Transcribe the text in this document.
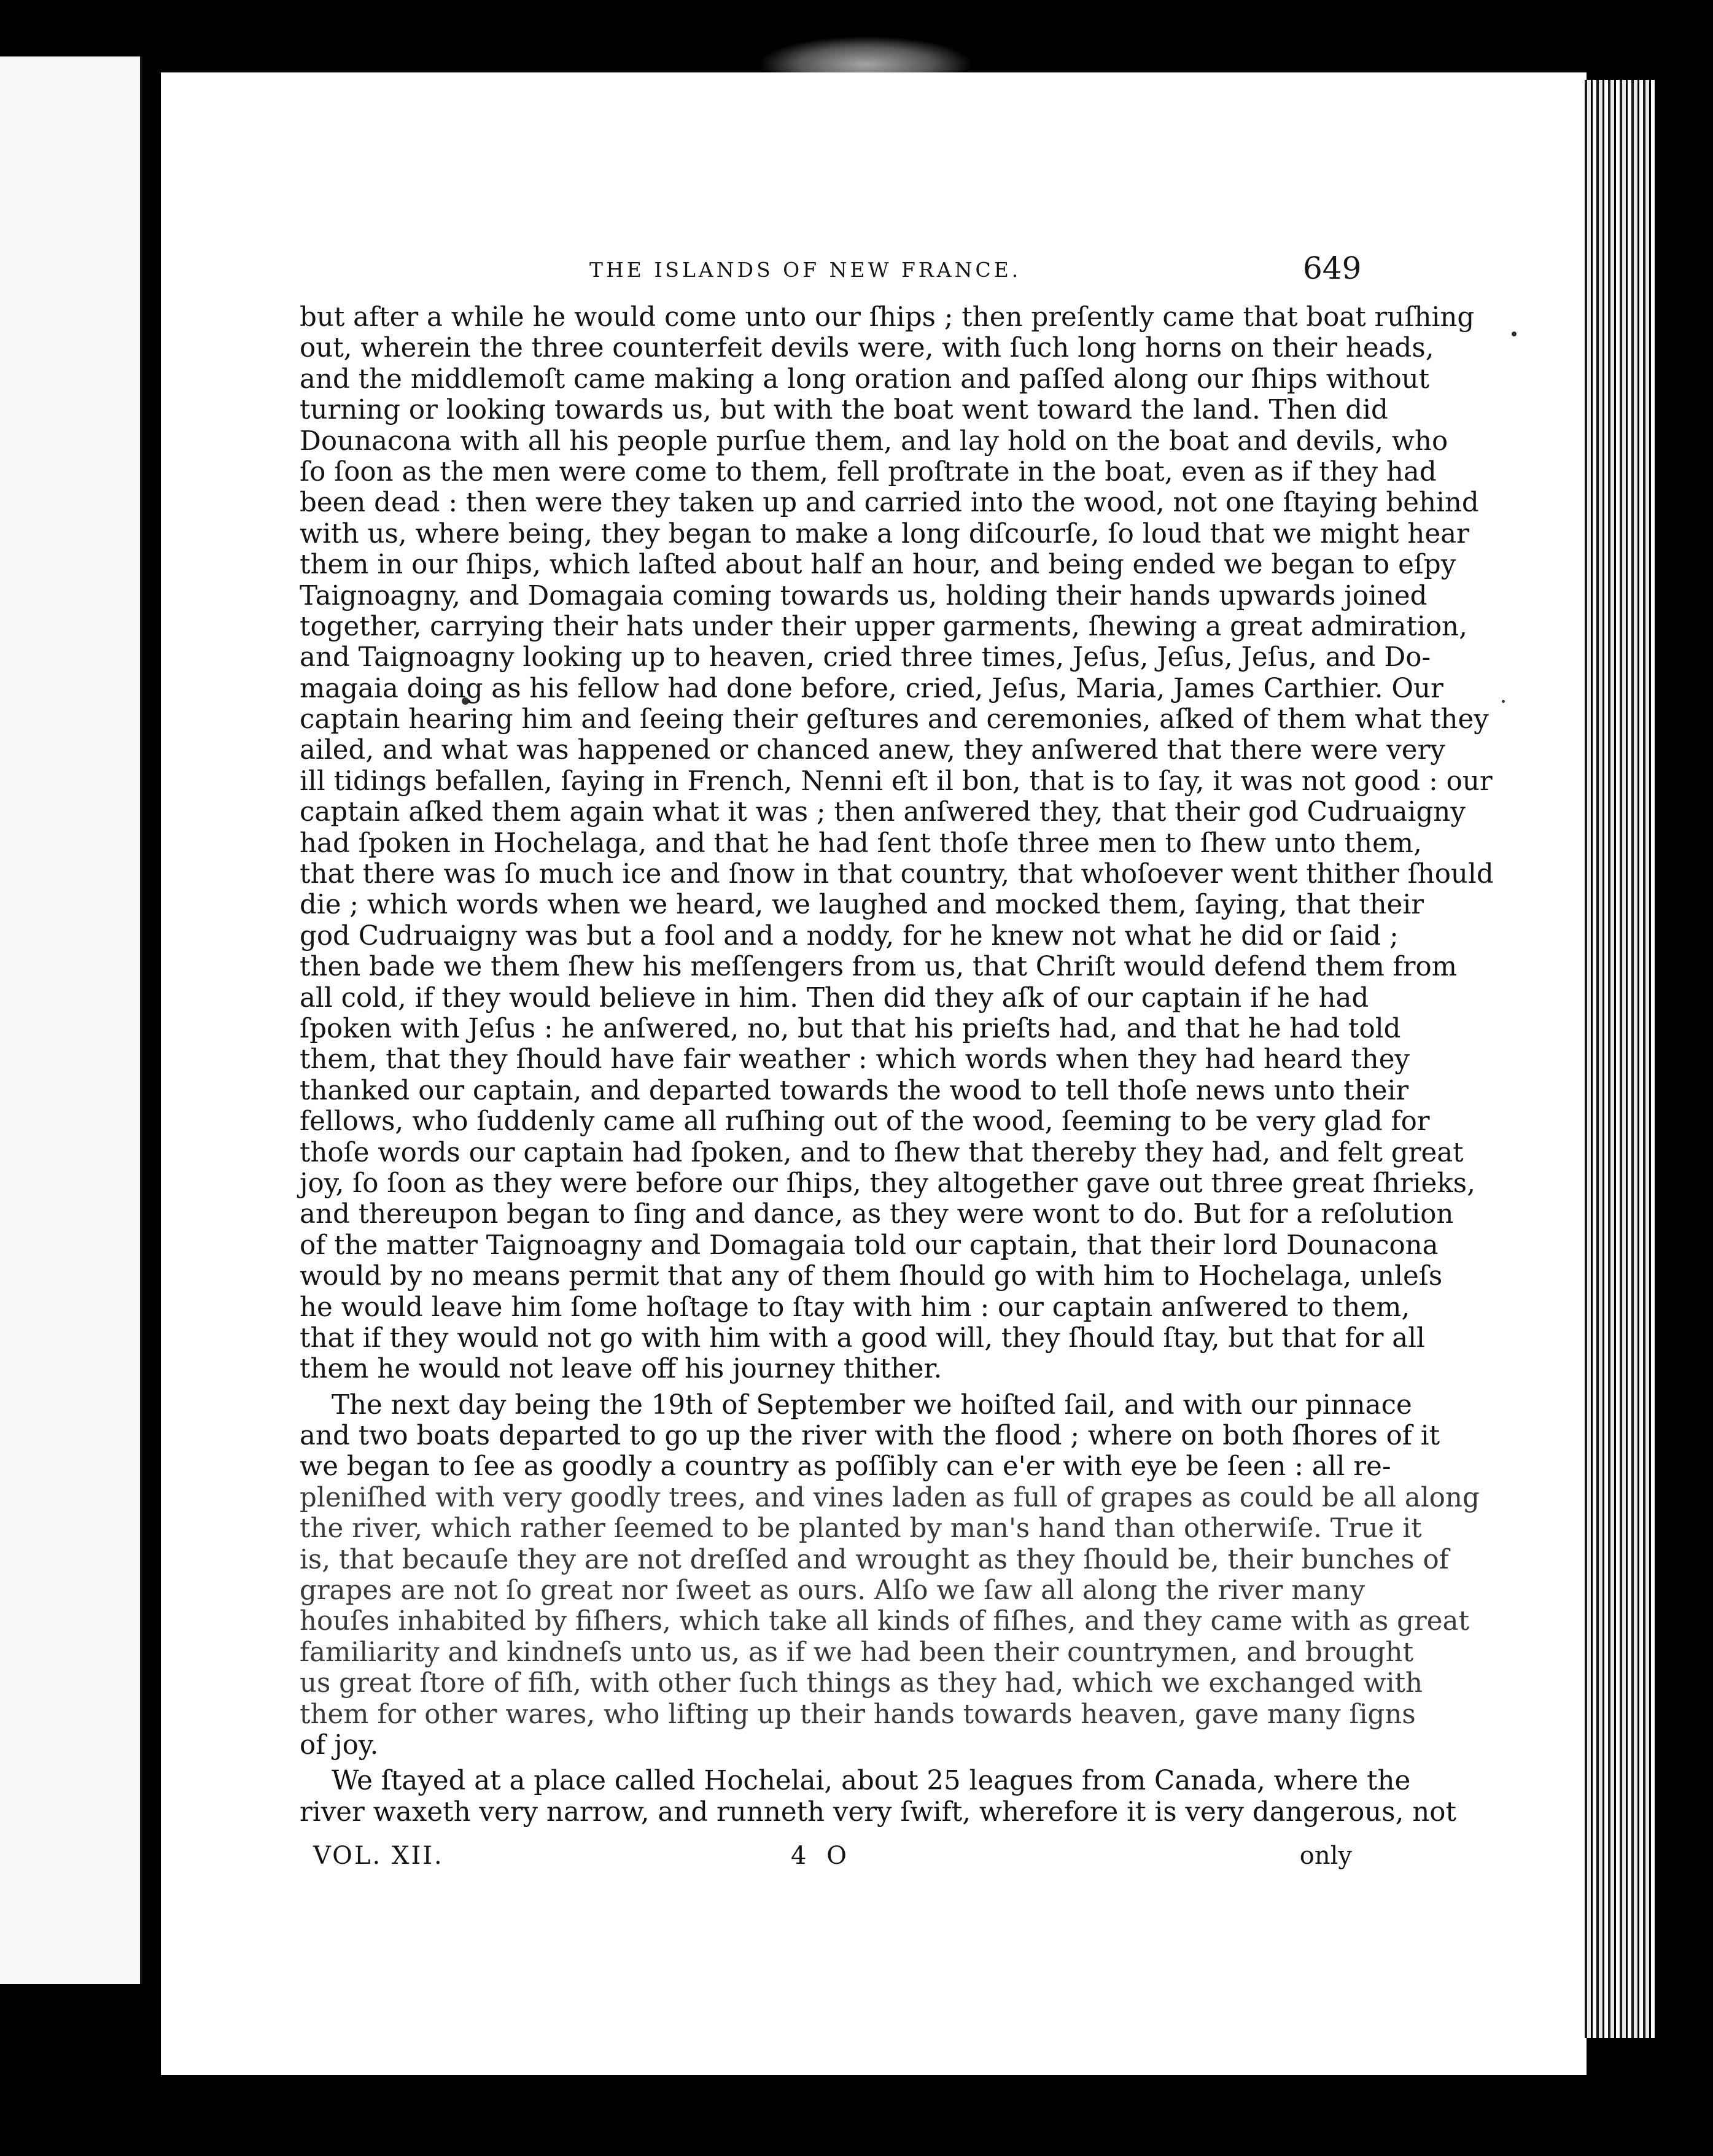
THE ISLANDS OF NEW FRANCE.	649
but after a while he would come unto our ſhips ; then preſently came that boat ruſhing
out, wherein the three counterfeit devils were, with ſuch long horns on their heads,
and the middlemoſt came making a long oration and paſſed along our ſhips without
turning or looking towards us, but with the boat went toward the land. Then did
Dounacona with all his people purſue them, and lay hold on the boat and devils, who
ſo ſoon as the men were come to them, fell proſtrate in the boat, even as if they had
been dead : then were they taken up and carried into the wood, not one ſtaying behind
with us, where being, they began to make a long diſcourſe, ſo loud that we might hear
them in our ſhips, which laſted about half an hour, and being ended we began to eſpy
Taignoagny, and Domagaia coming towards us, holding their hands upwards joined
together, carrying their hats under their upper garments, ſhewing a great admiration,
and Taignoagny looking up to heaven, cried three times, Jeſus, Jeſus, Jeſus, and Do-
magaia doing as his fellow had done before, cried, Jeſus, Maria, James Carthier. Our
captain hearing him and ſeeing their geſtures and ceremonies, aſked of them what they
ailed, and what was happened or chanced anew, they anſwered that there were very
ill tidings befallen, ſaying in French, Nenni eſt il bon, that is to ſay, it was not good : our
captain aſked them again what it was ; then anſwered they, that their god Cudruaigny
had ſpoken in Hochelaga, and that he had ſent thoſe three men to ſhew unto them,
that there was ſo much ice and ſnow in that country, that whoſoever went thither ſhould
die ; which words when we heard, we laughed and mocked them, ſaying, that their
god Cudruaigny was but a fool and a noddy, for he knew not what he did or ſaid ;
then bade we them ſhew his meſſengers from us, that Chriſt would defend them from
all cold, if they would believe in him. Then did they aſk of our captain if he had
ſpoken with Jeſus : he anſwered, no, but that his prieſts had, and that he had told
them, that they ſhould have fair weather : which words when they had heard they
thanked our captain, and departed towards the wood to tell thoſe news unto their
fellows, who ſuddenly came all ruſhing out of the wood, ſeeming to be very glad for
thoſe words our captain had ſpoken, and to ſhew that thereby they had, and felt great
joy, ſo ſoon as they were before our ſhips, they altogether gave out three great ſhrieks,
and thereupon began to ſing and dance, as they were wont to do. But for a reſolution
of the matter Taignoagny and Domagaia told our captain, that their lord Dounacona
would by no means permit that any of them ſhould go with him to Hochelaga, unleſs
he would leave him ſome hoſtage to ſtay with him : our captain anſwered to them,
that if they would not go with him with a good will, they ſhould ſtay, but that for all
them he would not leave off his journey thither.
The next day being the 19th of September we hoiſted ſail, and with our pinnace
and two boats departed to go up the river with the flood ; where on both ſhores of it
we began to ſee as goodly a country as poſſibly can e'er with eye be ſeen : all re-
pleniſhed with very goodly trees, and vines laden as full of grapes as could be all along
the river, which rather ſeemed to be planted by man's hand than otherwiſe. True it
is, that becauſe they are not dreſſed and wrought as they ſhould be, their bunches of
grapes are not ſo great nor ſweet as ours. Alſo we ſaw all along the river many
houſes inhabited by fiſhers, which take all kinds of fiſhes, and they came with as great
familiarity and kindneſs unto us, as if we had been their countrymen, and brought
us great ſtore of fiſh, with other ſuch things as they had, which we exchanged with
them for other wares, who lifting up their hands towards heaven, gave many ſigns
of joy.
We ſtayed at a place called Hochelai, about 25 leagues from Canada, where the
river waxeth very narrow, and runneth very ſwift, wherefore it is very dangerous, not
VOL. XII.	4 O	only
